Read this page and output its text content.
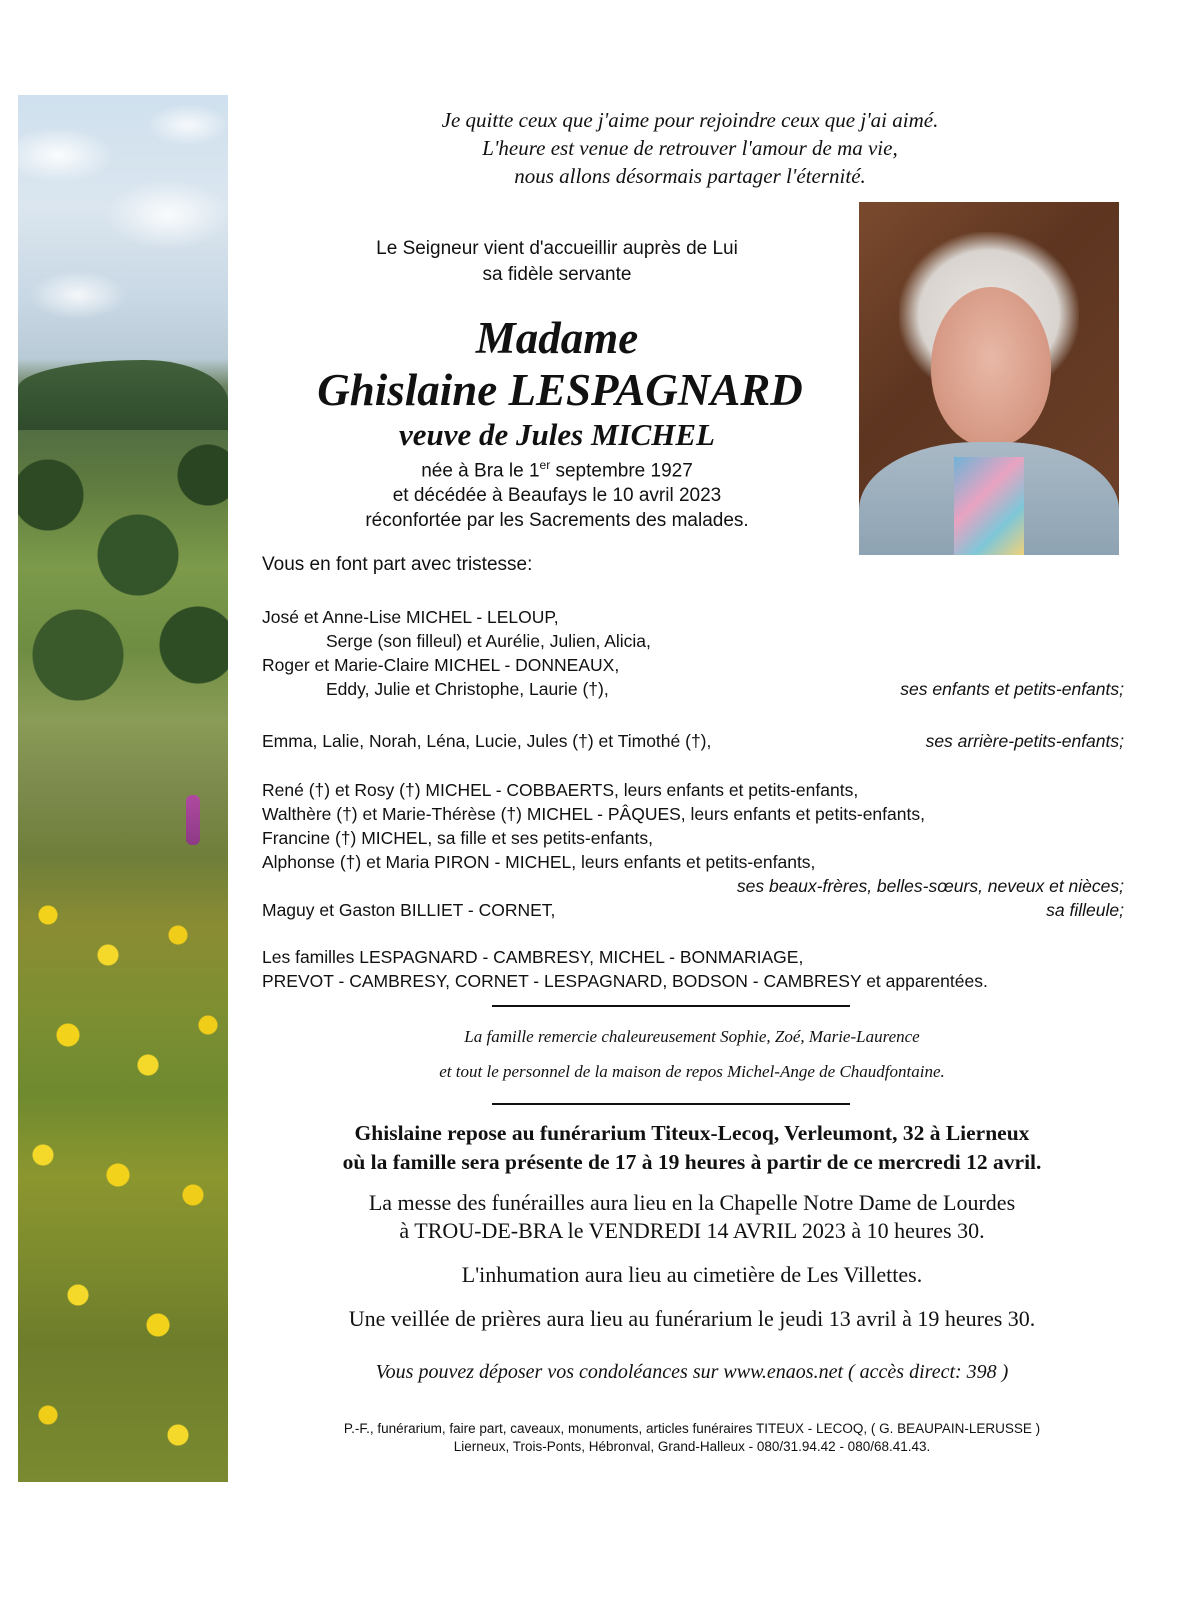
Je quitte ceux que j'aime pour rejoindre ceux que j'ai aimé.
L'heure est venue de retrouver l'amour de ma vie,
nous allons désormais partager l'éternité.
Le Seigneur vient d'accueillir auprès de Lui
sa fidèle servante
Madame
Ghislaine LESPAGNARD
veuve de Jules MICHEL
née à Bra le 1er septembre 1927
et décédée à Beaufays le 10 avril 2023
réconfortée par les Sacrements des malades.
Vous en font part avec tristesse:
José et Anne-Lise MICHEL - LELOUP,
Serge (son filleul) et Aurélie, Julien, Alicia,
Roger et Marie-Claire MICHEL - DONNEAUX,
Eddy, Julie et Christophe, Laurie (†),	ses enfants et petits-enfants;
Emma, Lalie, Norah, Léna, Lucie, Jules (†) et Timothé (†),	ses arrière-petits-enfants;
René (†) et Rosy (†) MICHEL - COBBAERTS, leurs enfants et petits-enfants,
Walthère (†) et Marie-Thérèse (†) MICHEL - PÂQUES, leurs enfants et petits-enfants,
Francine (†) MICHEL, sa fille et ses petits-enfants,
Alphonse (†) et Maria PIRON - MICHEL, leurs enfants et petits-enfants,
ses beaux-frères, belles-sœurs, neveux et nièces;
Maguy et Gaston BILLIET - CORNET,	sa filleule;
Les familles LESPAGNARD - CAMBRESY, MICHEL - BONMARIAGE,
PREVOT - CAMBRESY, CORNET - LESPAGNARD, BODSON - CAMBRESY et apparentées.
La famille remercie chaleureusement Sophie, Zoé, Marie-Laurence
et tout le personnel de la maison de repos Michel-Ange de Chaudfontaine.
Ghislaine repose au funérarium Titeux-Lecoq, Verleumont, 32 à Lierneux
où la famille sera présente de 17 à 19 heures à partir de ce mercredi 12 avril.
La messe des funérailles aura lieu en la Chapelle Notre Dame de Lourdes
à TROU-DE-BRA le VENDREDI 14 AVRIL 2023 à 10 heures 30.
L'inhumation aura lieu au cimetière de Les Villettes.
Une veillée de prières aura lieu au funérarium le jeudi 13 avril à 19 heures 30.
Vous pouvez déposer vos condoléances sur www.enaos.net ( accès direct: 398 )
P.-F., funérarium, faire part, caveaux, monuments, articles funéraires TITEUX - LECOQ, ( G. BEAUPAIN-LERUSSE )
Lierneux, Trois-Ponts, Hébronval, Grand-Halleux - 080/31.94.42 - 080/68.41.43.
